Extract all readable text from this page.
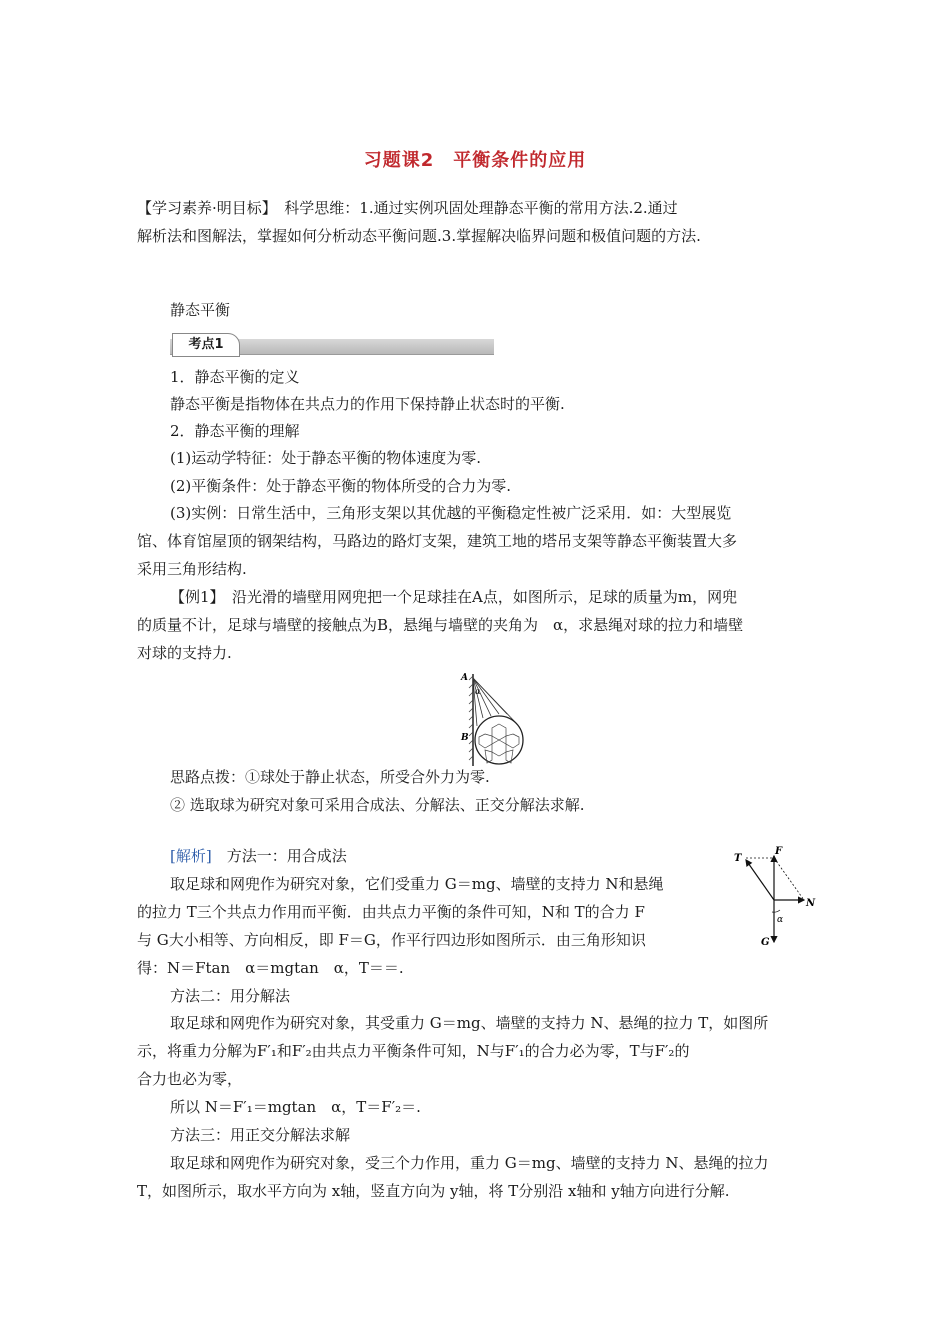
习题课2　平衡条件的应用
【学习素养·明目标】　科学思维：1.通过实例巩固处理静态平衡的常用方法.2.通过
解析法和图解法，掌握如何分析动态平衡问题.3.掌握解决临界问题和极值问题的方法.
静态平衡
考点1
1．静态平衡的定义
静态平衡是指物体在共点力的作用下保持静止状态时的平衡.
2．静态平衡的理解
(1)运动学特征：处于静态平衡的物体速度为零.
(2)平衡条件：处于静态平衡的物体所受的合力为零.
(3)实例：日常生活中，三角形支架以其优越的平衡稳定性被广泛采用．如：大型展览
馆、体育馆屋顶的钢架结构，马路边的路灯支架，建筑工地的塔吊支架等静态平衡装置大多
采用三角形结构.
【例1】　沿光滑的墙壁用网兜把一个足球挂在A点，如图所示，足球的质量为m，网兜
的质量不计，足球与墙壁的接触点为B，悬绳与墙壁的夹角为　α，求悬绳对球的拉力和墙壁
对球的支持力.
A
α
B
思路点拨：①球处于静止状态，所受合外力为零.
② 选取球为研究对象可采用合成法、分解法、正交分解法求解.
[解析]　方法一：用合成法
取足球和网兜作为研究对象，它们受重力 G＝mg、墙壁的支持力 N和悬绳
的拉力 T三个共点力作用而平衡．由共点力平衡的条件可知，N和 T的合力 F
与 G大小相等、方向相反，即 F＝G，作平行四边形如图所示．由三角形知识
得：N＝Ftan　α＝mgtan　α，T＝＝.
T
F
N
G
α
方法二：用分解法
取足球和网兜作为研究对象，其受重力 G＝mg、墙壁的支持力 N、悬绳的拉力 T，如图所
示，将重力分解为F′₁和F′₂由共点力平衡条件可知，N与F′₁的合力必为零，T与F′₂的
合力也必为零，
所以 N＝F′₁＝mgtan　α，T＝F′₂＝.
方法三：用正交分解法求解
取足球和网兜作为研究对象，受三个力作用，重力 G＝mg、墙壁的支持力 N、悬绳的拉力
T，如图所示，取水平方向为 x轴，竖直方向为 y轴，将 T分别沿 x轴和 y轴方向进行分解.
